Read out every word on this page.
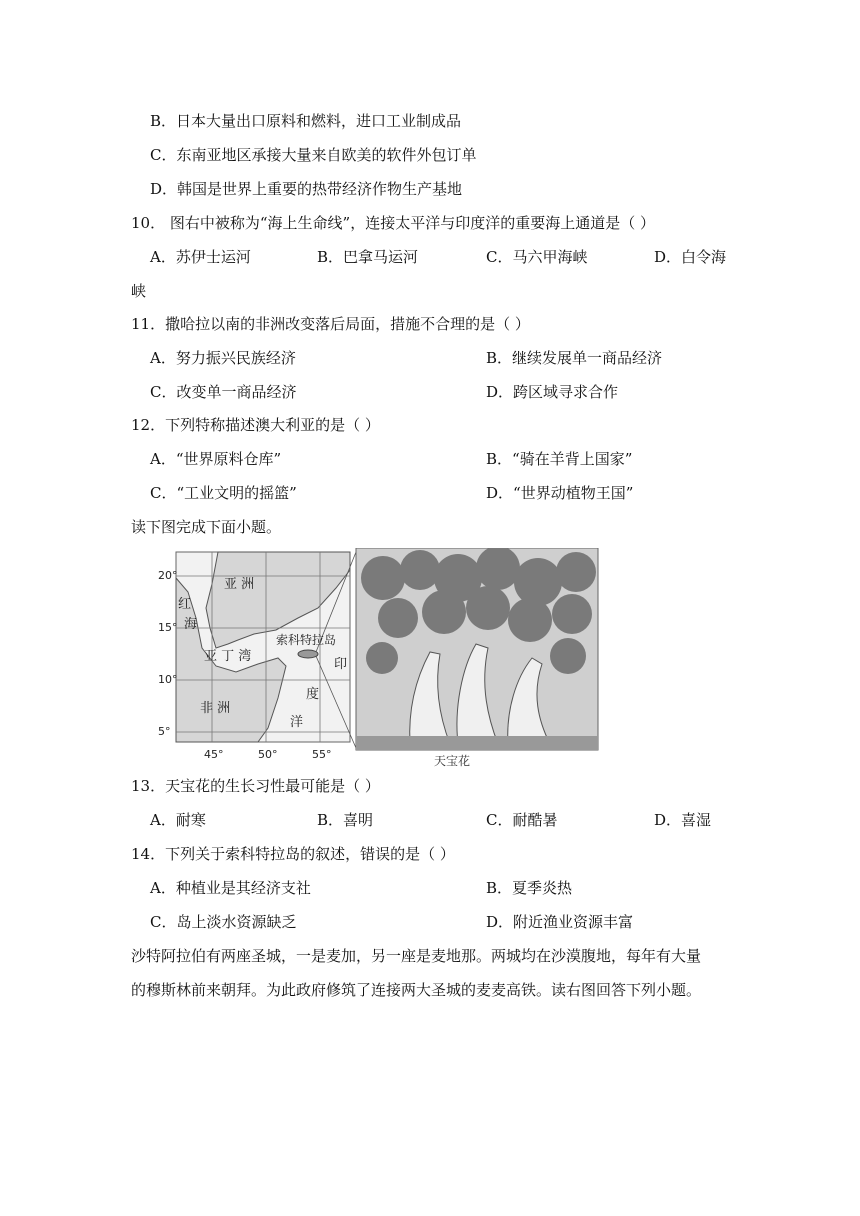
B．日本大量出口原料和燃料，进口工业制成品
C．东南亚地区承接大量来自欧美的软件外包订单
D．韩国是世界上重要的热带经济作物生产基地
10． 图右中被称为“海上生命线”，连接太平洋与印度洋的重要海上通道是（ ）
A．苏伊士运河	B．巴拿马运河	C．马六甲海峡	D．白令海
峡
11．撒哈拉以南的非洲改变落后局面，措施不合理的是（ ）
A．努力振兴民族经济	B．继续发展单一商品经济
C．改变单一商品经济	D．跨区域寻求合作
12．下列特称描述澳大利亚的是（ ）
A．“世界原料仓库”	B．“骑在羊背上国家”
C．“工业文明的摇篮”	D．“世界动植物王国”
读下图完成下面小题。
20°
15°
10°
5°
45°	50°	55°
亚 洲
红
海
亚 丁 湾
索科特拉岛
印
度
洋
非 洲
天宝花
13．天宝花的生长习性最可能是（ ）
A．耐寒	B．喜明	C．耐酷暑	D．喜湿
14．下列关于索科特拉岛的叙述，错误的是（ ）
A．种植业是其经济支社	B．夏季炎热
C．岛上淡水资源缺乏	D．附近渔业资源丰富
沙特阿拉伯有两座圣城，一是麦加，另一座是麦地那。两城均在沙漠腹地，每年有大量
的穆斯林前来朝拜。为此政府修筑了连接两大圣城的麦麦高铁。读右图回答下列小题。
